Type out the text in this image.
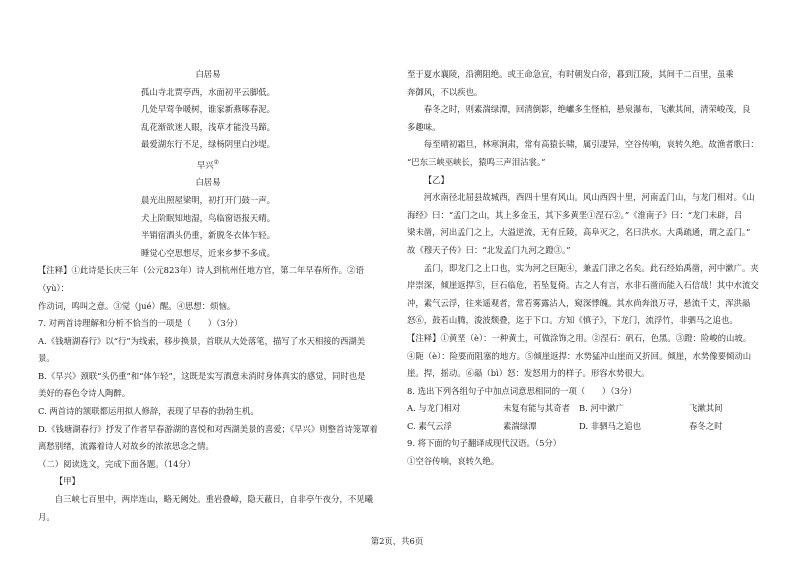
白居易

孤山寺北贾亭西，水面初平云脚低。

几处早莺争暖树，谁家新燕啄春泥。

乱花渐欲迷人眼，浅草才能没马蹄。

最爱湖东行不足，绿杨阴里白沙堤。

早兴②

白居易

晨光出照屋梁明，初打开门鼓一声。

犬上阶眠知地湿，鸟临窗语报天晴。

半销宿酒头仍重，新脱冬衣体乍轻。

睡觉心空思想尽，近来乡梦不多成。

【注释】①此诗是长庆三年（公元823年）诗人到杭州任地方官，第二年早春所作。②语（yù）：

作动词，鸣叫之意。③觉（jué）醒。④思想：烦恼。

7. 对两首诗理解和分析不恰当的一项是（　　）（3分）

A.《钱塘湖春行》以“行”为线索，移步换景，首联从大处落笔，描写了水天相接的西湖美景。

B.《早兴》颈联“头仍重”和“体乍轻”，这既是实写酒意未消时身体真实的感觉，同时也是

美好的春色令诗人陶醉。

C. 两首诗的颔联都运用拟人修辞，表现了早春的勃勃生机。

D.《钱塘湖春行》抒发了作者早春游湖的喜悦和对西湖美景的喜爱；《早兴》则整首诗笼罩着

离愁别绪，流露着诗人对故乡的浓浓思念之情。

（二）阅读选文，完成下面各题。（14分）

【甲】

自三峡七百里中，两岸连山，略无阙处。重岩叠嶂，隐天蔽日，自非亭午夜分，不见曦月。

至于夏水襄陵，沿溯阻绝。或王命急宣，有时朝发白帝，暮到江陵，其间千二百里，虽乘

奔御风，不以疾也。

春冬之时，则素湍绿潭，回清倒影，绝巘多生怪柏，悬泉瀑布，飞漱其间，清荣峻茂，良

多趣味。

每至晴初霜旦，林寒涧肃，常有高猿长啸，属引凄异，空谷传响，哀转久绝。故渔者歌曰：

“巴东三峡巫峡长，猿鸣三声泪沾裳。”

【乙】

河水南径北屈县故城西，西四十里有风山。风山西四十里，河南孟门山，与龙门相对。《山

海经》曰：“孟门之山，其上多金玉，其下多黄垩①涅石②。”《淮南子》曰：“龙门未辟，吕

梁未凿，河出孟门之上，大溢逆流，无有丘陵，高阜灭之，名曰洪水。大禹疏通，谓之孟门。”

故《穆天子传》曰：“北发孟门九河之蹬③。”

孟门，即龙门之上口也，实为河之巨阨④，兼孟门津之名矣。此石经始禹凿，河中漱广。夹

岸崇深，倾崖返捍⑤，巨石临危，若坠复倚。古之人有言，水非石凿而能入石信哉！其中水流交

冲，素气云浮，往来遥观者，常若雾露沾人，窥深悸魄。其水尚奔浪万寻，悬流千丈，浑洪赑

怒⑥，鼓若山腾，浚波颓叠，迄于下口。方知《慎子》，下龙门，流浮竹，非驷马之追也。

【注释】①黄垩（è）：一种黄土，可做涂饰之用。②涅石：矾石，色黑。③蹬：险峻的山坡。

④阨（è）：险要而阻塞的地方。⑤倾崖返捍：水势猛冲山崖而又折回。倾崖，水势像要倾动山

崖。捍，摇动。⑥赑（bì）怒：发怒用力的样子。形容水势很大。

8. 选出下列各组句子中加点词意思相同的一项（　　）（3分）

A. 与龙门相对	未复有能与其奇者	B. 河中漱广	飞漱其间
C. 素气云浮	素湍绿潭	D. 非驷马之追也	春冬之时

9. 将下面的句子翻译成现代汉语。（5分）

①空谷传响，哀转久绝。

第2页，共6页
